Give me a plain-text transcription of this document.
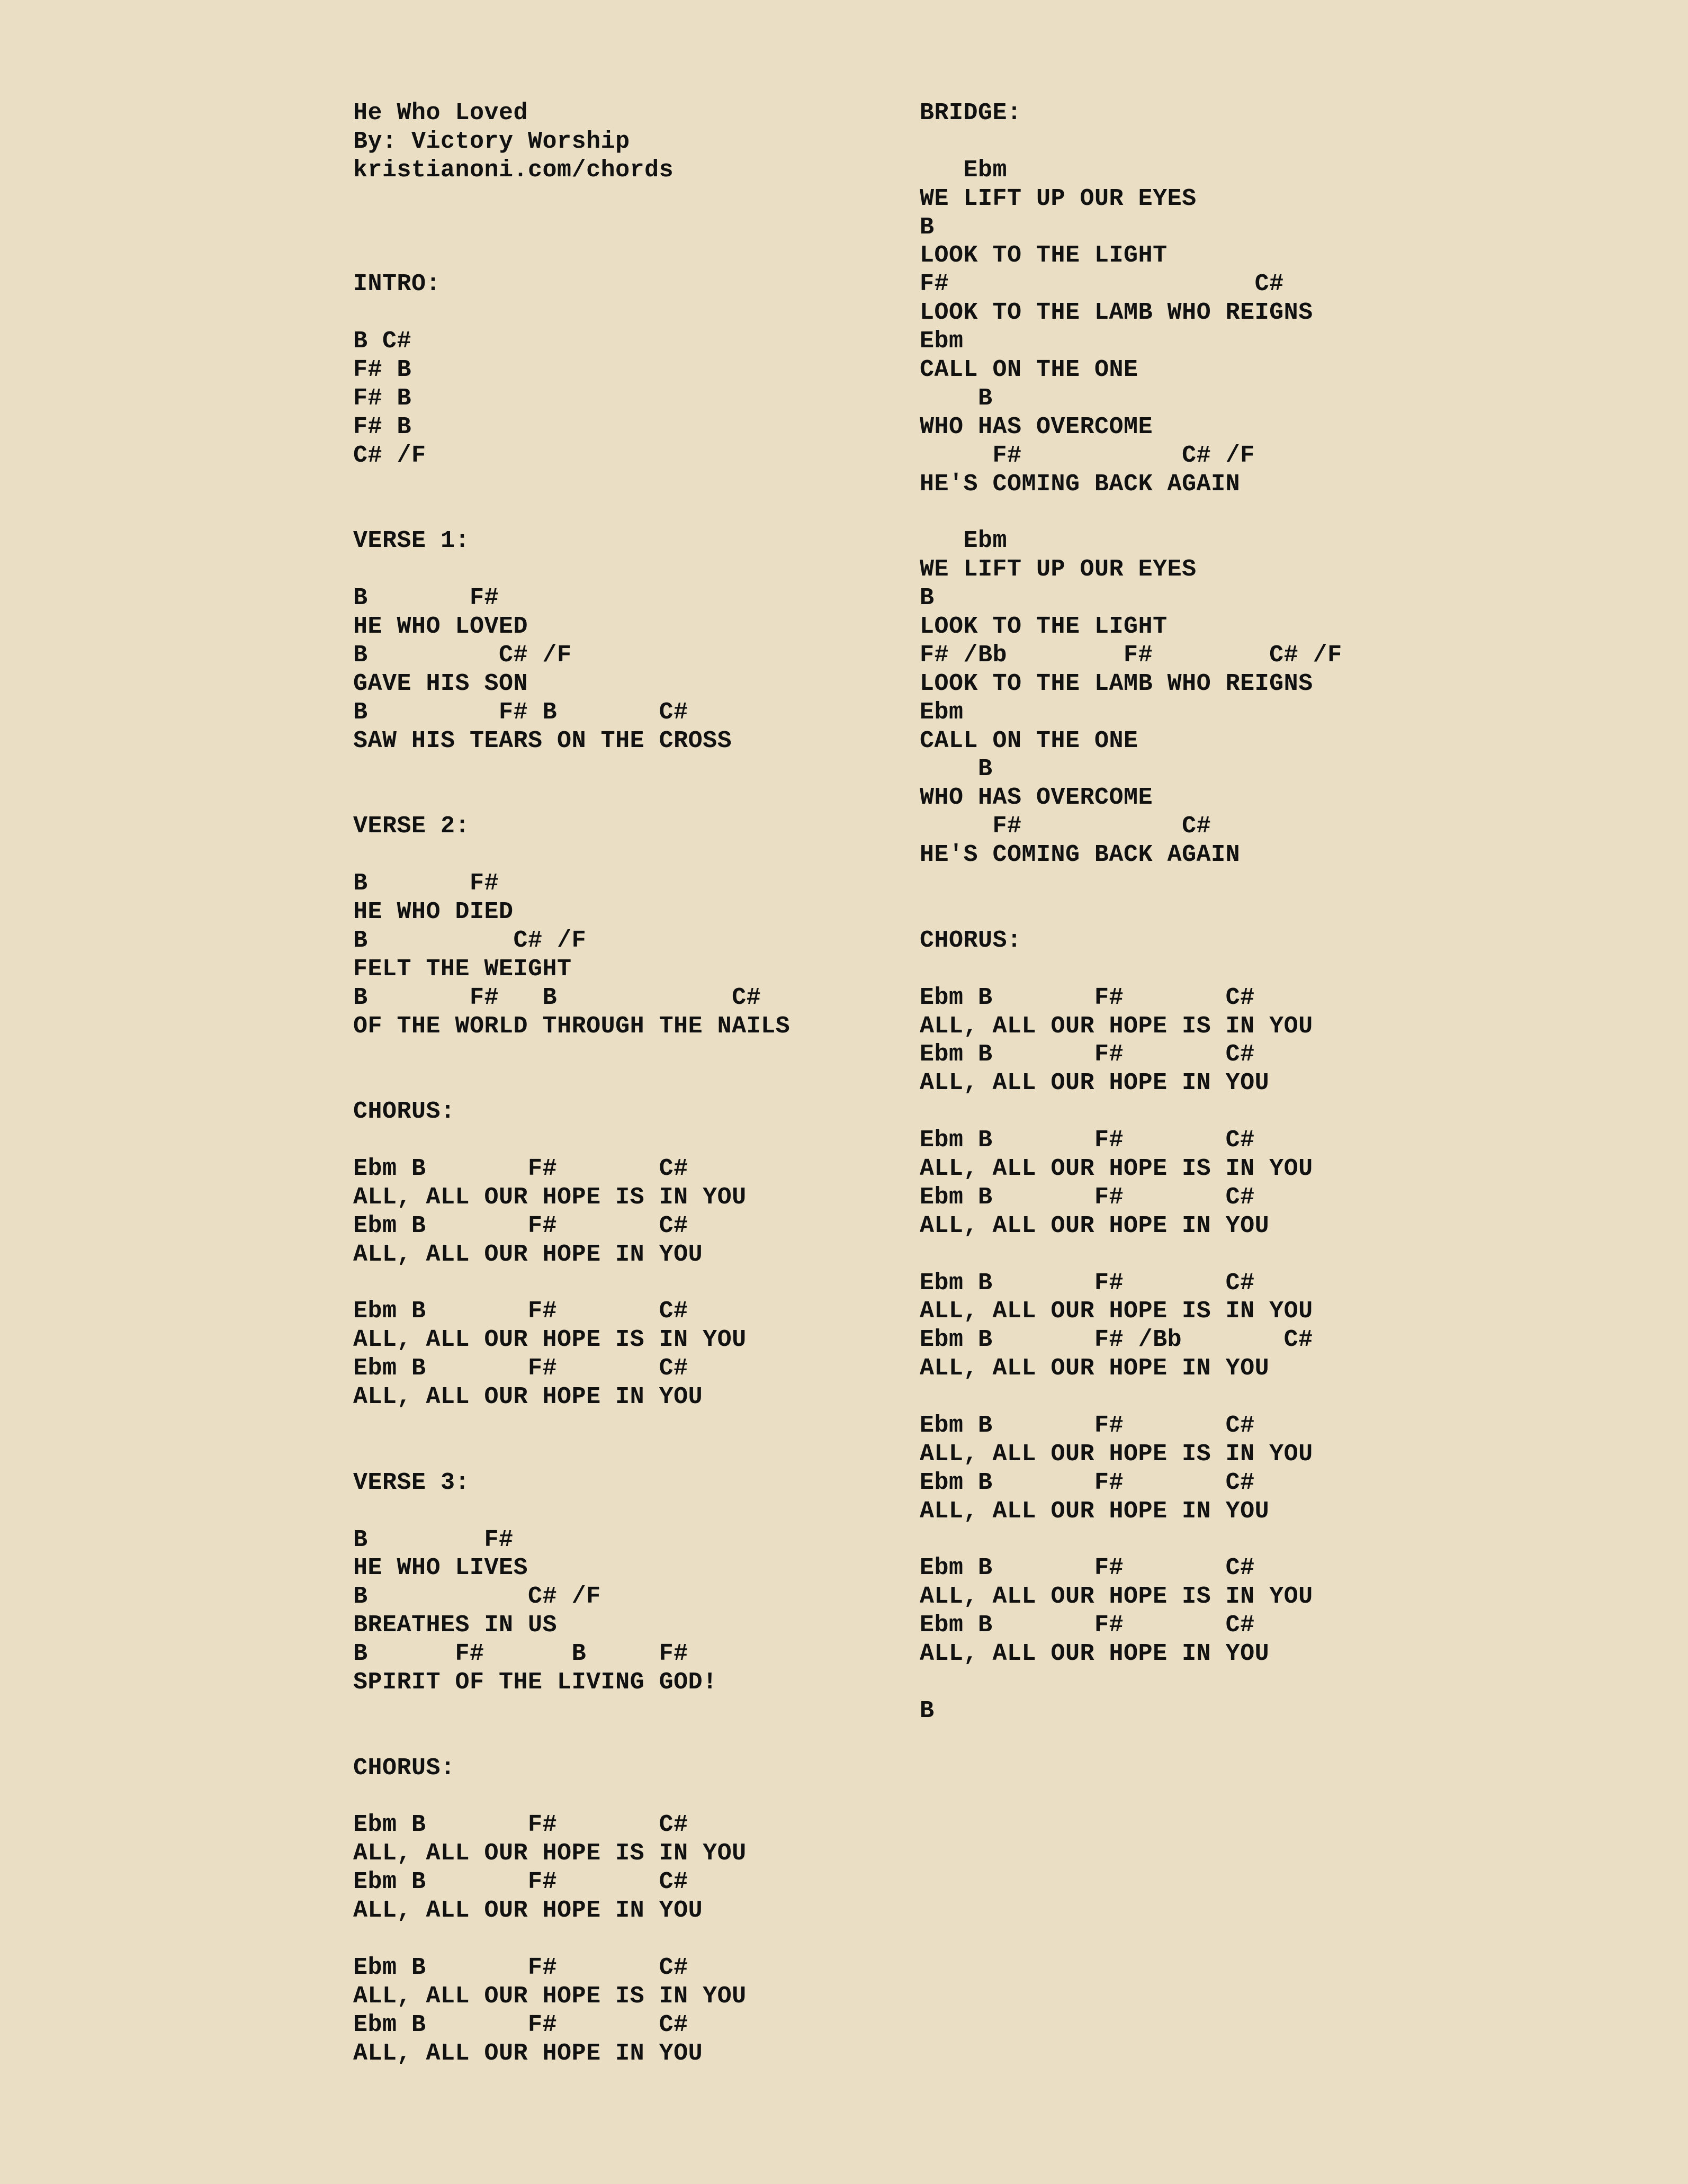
He Who Loved
By: Victory Worship
kristianoni.com/chords
INTRO:
B C#
F# B
F# B
F# B
C# /F
VERSE 1:
B       F#
HE WHO LOVED
B         C# /F
GAVE HIS SON
B         F# B       C#
SAW HIS TEARS ON THE CROSS
VERSE 2:
B       F#
HE WHO DIED
B          C# /F
FELT THE WEIGHT
B       F#   B            C#
OF THE WORLD THROUGH THE NAILS
CHORUS:
Ebm B       F#       C#
ALL, ALL OUR HOPE IS IN YOU
Ebm B       F#       C#
ALL, ALL OUR HOPE IN YOU
Ebm B       F#       C#
ALL, ALL OUR HOPE IS IN YOU
Ebm B       F#       C#
ALL, ALL OUR HOPE IN YOU
VERSE 3:
B        F#
HE WHO LIVES
B           C# /F
BREATHES IN US
B      F#      B     F#
SPIRIT OF THE LIVING GOD!
CHORUS:
Ebm B       F#       C#
ALL, ALL OUR HOPE IS IN YOU
Ebm B       F#       C#
ALL, ALL OUR HOPE IN YOU
Ebm B       F#       C#
ALL, ALL OUR HOPE IS IN YOU
Ebm B       F#       C#
ALL, ALL OUR HOPE IN YOU
BRIDGE:
Ebm
WE LIFT UP OUR EYES
B
LOOK TO THE LIGHT
F#                     C#
LOOK TO THE LAMB WHO REIGNS
Ebm
CALL ON THE ONE
B
WHO HAS OVERCOME
F#           C# /F
HE'S COMING BACK AGAIN
Ebm
WE LIFT UP OUR EYES
B
LOOK TO THE LIGHT
F# /Bb        F#        C# /F
LOOK TO THE LAMB WHO REIGNS
Ebm
CALL ON THE ONE
B
WHO HAS OVERCOME
F#           C#
HE'S COMING BACK AGAIN
CHORUS:
Ebm B       F#       C#
ALL, ALL OUR HOPE IS IN YOU
Ebm B       F#       C#
ALL, ALL OUR HOPE IN YOU
Ebm B       F#       C#
ALL, ALL OUR HOPE IS IN YOU
Ebm B       F#       C#
ALL, ALL OUR HOPE IN YOU
Ebm B       F#       C#
ALL, ALL OUR HOPE IS IN YOU
Ebm B       F# /Bb       C#
ALL, ALL OUR HOPE IN YOU
Ebm B       F#       C#
ALL, ALL OUR HOPE IS IN YOU
Ebm B       F#       C#
ALL, ALL OUR HOPE IN YOU
Ebm B       F#       C#
ALL, ALL OUR HOPE IS IN YOU
Ebm B       F#       C#
ALL, ALL OUR HOPE IN YOU
B
